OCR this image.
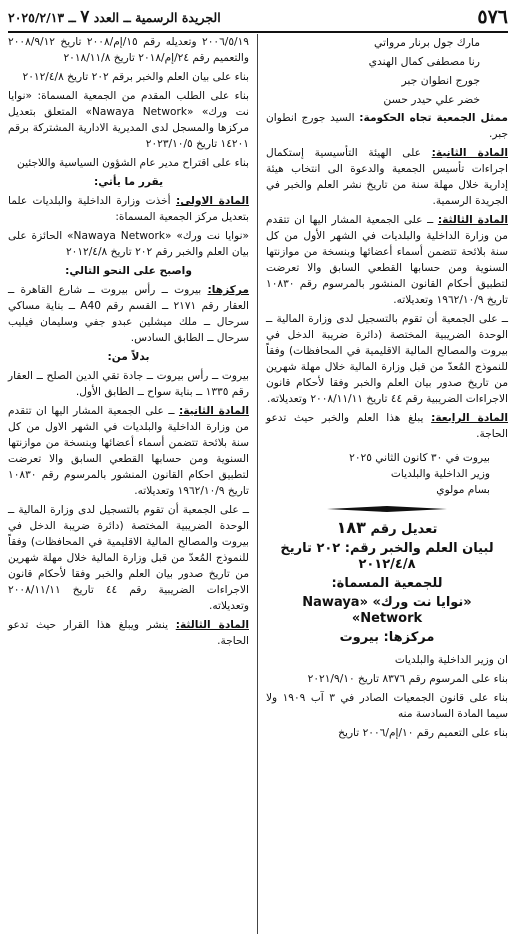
٥٧٦
الجريدة الرسمية ــ العدد ٧ ــ ٢٠٢٥/٢/١٣

مارك جول برنار مرواتي

رنا مصطفى كمال الهندي

جورج انطوان جبر

خضر علي حيدر حسن

ممثل الجمعية تجاه الحكومة: السيد جورج انطوان جبر.

المادة الثانية: على الهيئة التأسيسية إستكمال اجراءات تأسيس الجمعية والدعوة الى انتخاب هيئة إدارية خلال مهلة سنة من تاريخ نشر العلم والخبر في الجريدة الرسمية.

المادة الثالثة: ــ على الجمعية المشار اليها ان تتقدم من وزارة الداخلية والبلديات في الشهر الأول من كل سنة بلائحة تتضمن أسماء أعضائها وبنسخة من موازنتها السنوية ومن حسابها القطعي السابق والا تعرضت لتطبيق أحكام القانون المنشور بالمرسوم رقم ١٠٨٣٠ تاريخ ١٩٦٢/١٠/٩ وتعديلاته.

ــ على الجمعية أن تقوم بالتسجيل لدى وزارة المالية ــ الوحدة الضريبية المختصة (دائرة ضريبة الدخل في بيروت والمصالح المالية الاقليمية في المحافظات) وفقاً للنموذج المُعدّ من قبل وزارة المالية خلال مهلة شهرين من تاريخ صدور بيان العلم والخبر وفقا لأحكام قانون الاجراءات الضريبية رقم ٤٤ تاريخ ٢٠٠٨/١١/١١ وتعديلاته.

المادة الرابعة: يبلغ هذا العلم والخبر حيث تدعو الحاجة.

بيروت في ٣٠ كانون الثاني ٢٠٢٥

وزير الداخلية والبلديات

بسام مولوي

تعديل رقم ١٨٣

لبيان العلم والخبر رقم: ٢٠٢ تاريخ ٢٠١٢/٤/٨

للجمعية المسماة:

«نوايا نت ورك» «Nawaya Network»

مركزها: بيروت

ان وزير الداخلية والبلديات

بناء على المرسوم رقم ٨٣٧٦ تاريخ ٢٠٢١/٩/١٠

بناء على قانون الجمعيات الصادر في ٣ آب ١٩٠٩ ولا سيما المادة السادسة منه

بناء على التعميم رقم ١٠/إم/٢٠٠٦ تاريخ

٢٠٠٦/٥/١٩ وتعديله رقم ١٥/إم/٢٠٠٨ تاريخ ٢٠٠٨/٩/١٢ والتعميم رقم ٢٤/إم/٢٠١٨ تاريخ ٢٠١٨/١١/٨

بناء على بيان العلم والخبر برقم ٢٠٢ تاريخ ٢٠١٢/٤/٨

بناء على الطلب المقدم من الجمعية المسماة: «نوايا نت ورك» «Nawaya Network» المتعلق بتعديل مركزها والمسجل لدى المديرية الادارية المشتركة برقم ١٤٢٠١ تاريخ ٢٠٢٣/١٠/٥

بناء على اقتراح مدير عام الشؤون السياسية واللاجئين

يقرر ما يأتي:

المادة الاولى: أخذت وزارة الداخلية والبلديات علما بتعديل مركز الجمعية المسماة:

«نوايا نت ورك» «Nawaya Network» الحائزة على بيان العلم والخبر رقم ٢٠٢ تاريخ ٢٠١٢/٤/٨

واصبح على النحو التالي:

مركزها: بيروت ــ رأس بيروت ــ شارع القاهرة ــ العقار رقم ٢١٧١ ــ القسم رقم A40 ــ بناية مساكي سرحال ــ ملك ميشلين عبدو جفي وسليمان فيليب سرحال ــ الطابق السادس.

بدلاً من:

بيروت ــ رأس بيروت ــ جادة تقي الدين الصلح ــ العقار رقم ١٣٣٥ ــ بناية سواح ــ الطابق الأول.

المادة الثانية: ــ على الجمعية المشار اليها ان تتقدم من وزارة الداخلية والبلديات في الشهر الاول من كل سنة بلائحة تتضمن أسماء أعضائها وبنسخة من موازنتها السنوية ومن حسابها القطعي السابق والا تعرضت لتطبيق احكام القانون المنشور بالمرسوم رقم ١٠٨٣٠ تاريخ ١٩٦٢/١٠/٩ وتعديلاته.

ــ على الجمعية أن تقوم بالتسجيل لدى وزارة المالية ــ الوحدة الضريبية المختصة (دائرة ضريبة الدخل في بيروت والمصالح المالية الاقليمية في المحافظات) وفقاً للنموذج المُعدّ من قبل وزارة المالية خلال مهلة شهرين من تاريخ صدور بيان العلم والخبر وفقا لأحكام قانون الاجراءات الضريبية رقم ٤٤ تاريخ ٢٠٠٨/١١/١١ وتعديلاته.

المادة الثالثة: ينشر ويبلغ هذا القرار حيث تدعو الحاجة.
